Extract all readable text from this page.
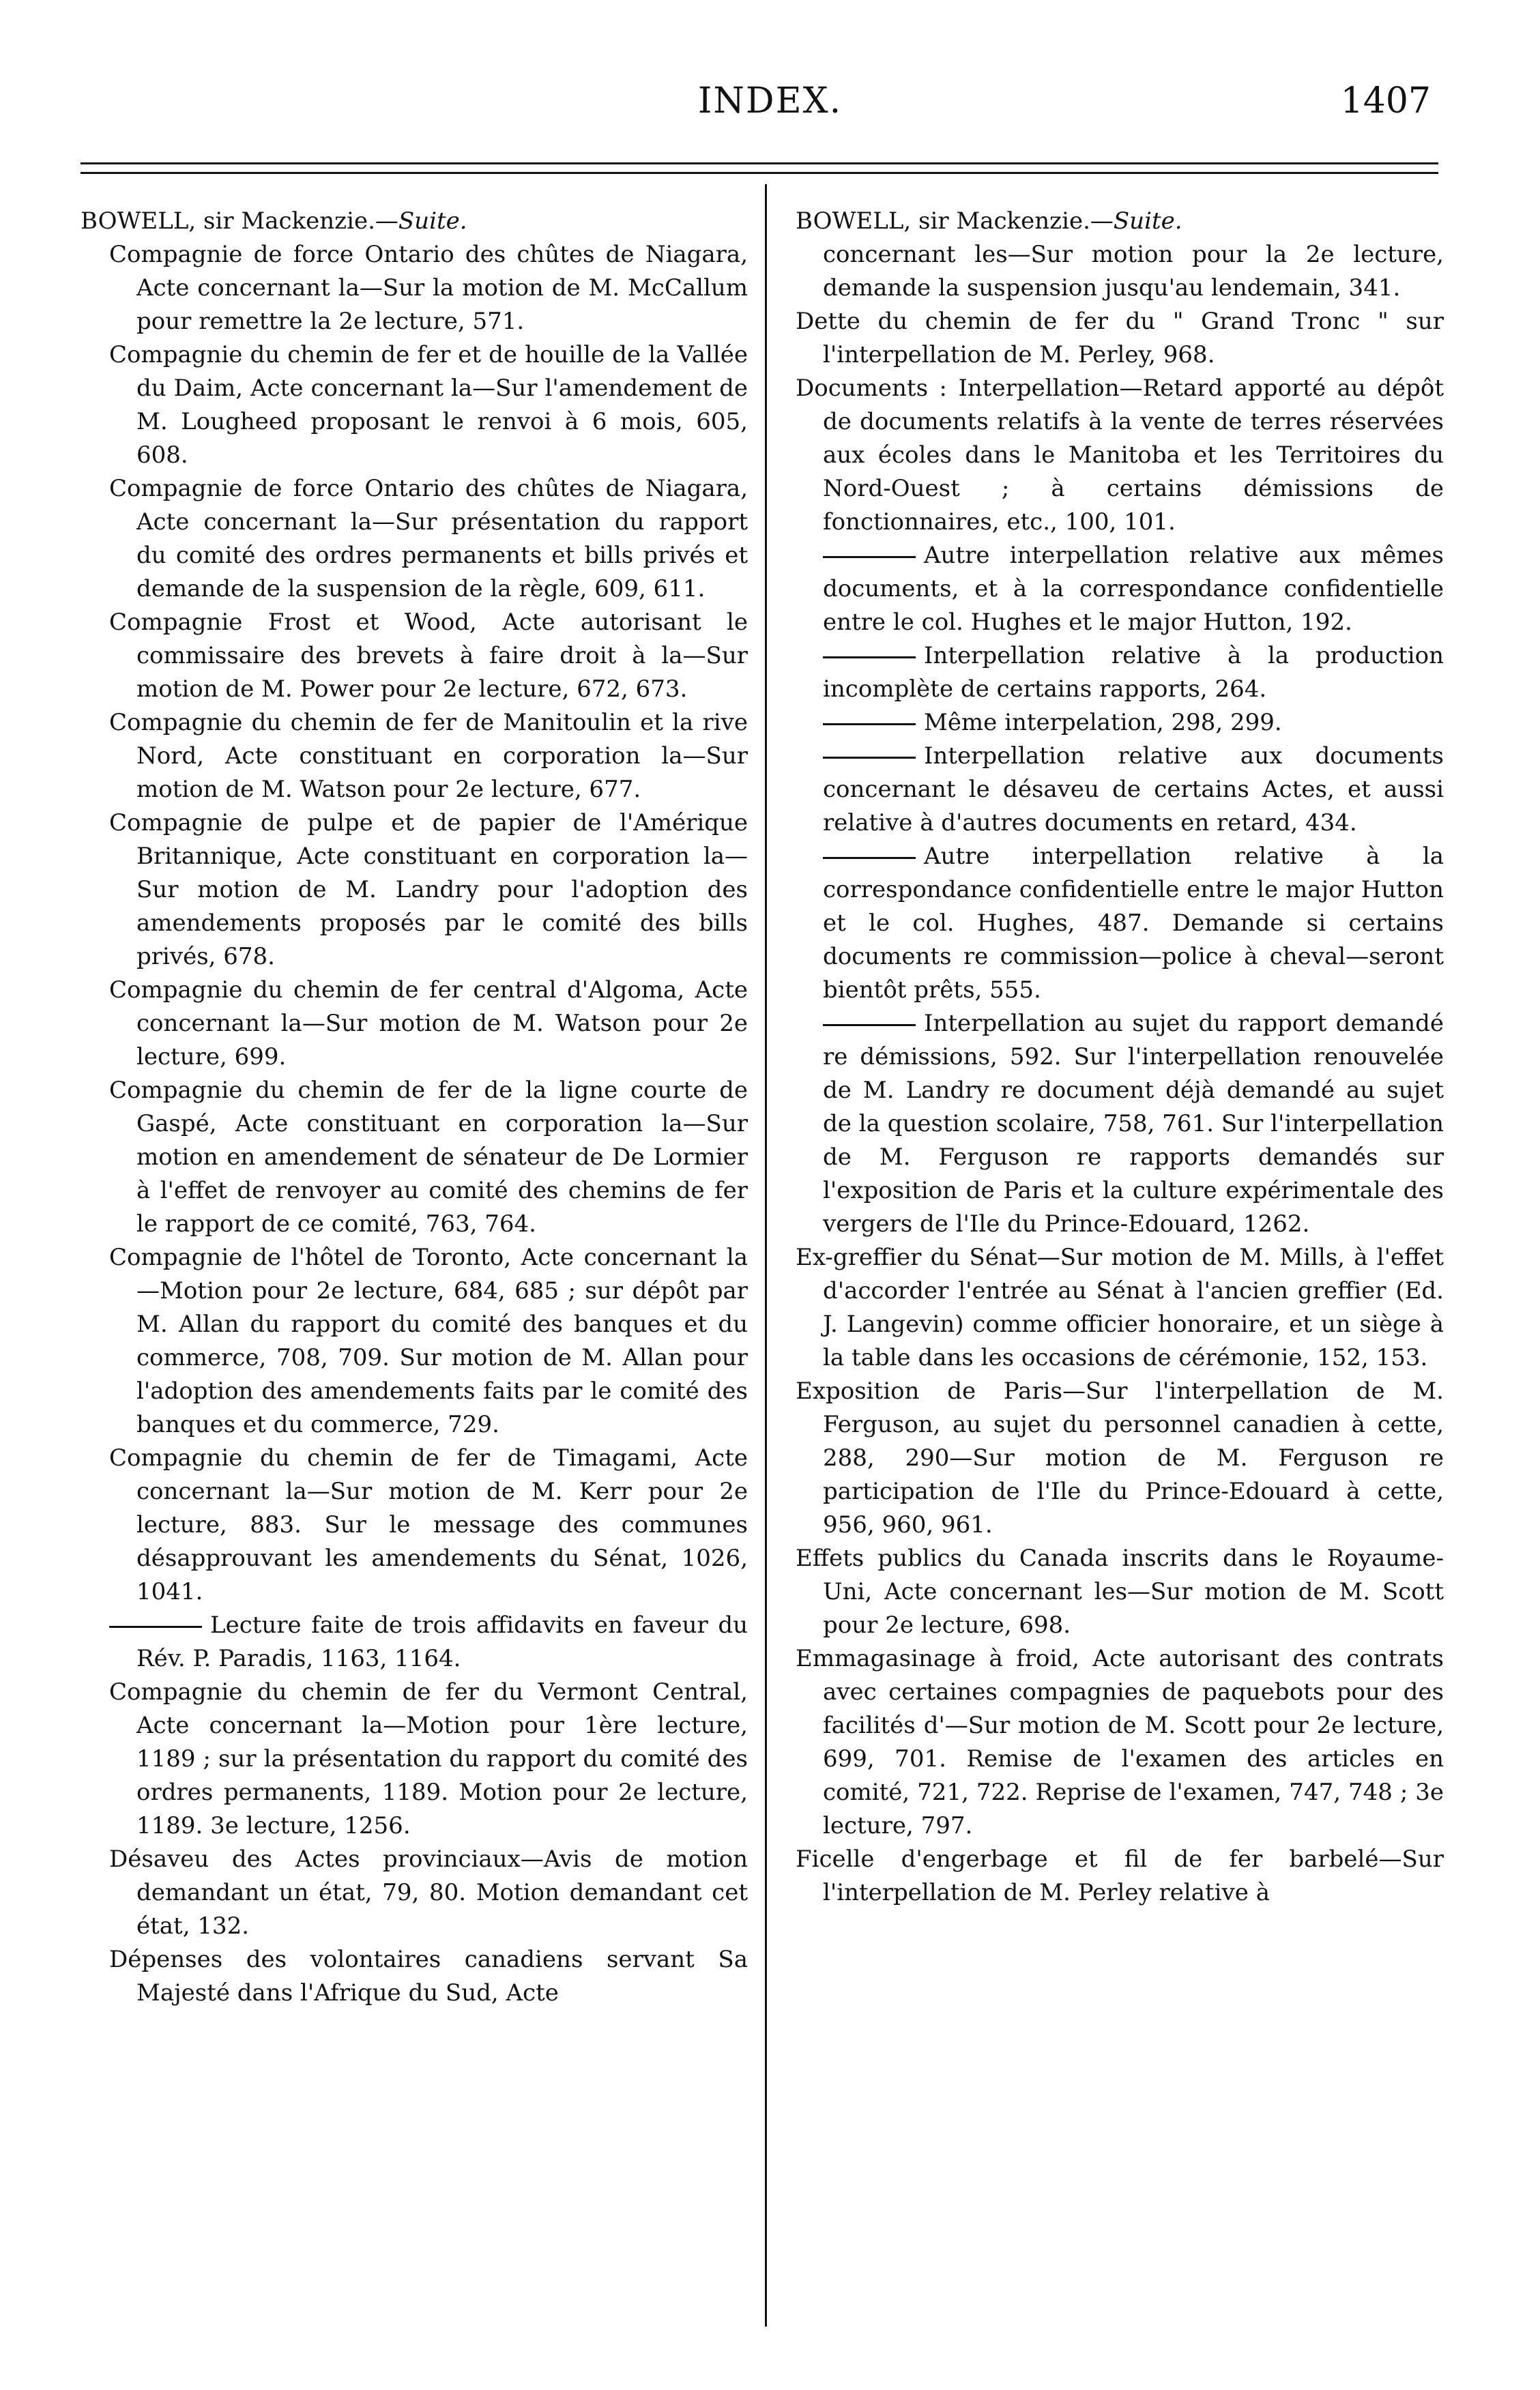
INDEX.	1407

BOWELL, sir Mackenzie.—Suite.

Compagnie de force Ontario des chûtes de Niagara, Acte concernant la—Sur la motion de M. McCallum pour remettre la 2e lecture, 571.

Compagnie du chemin de fer et de houille de la Vallée du Daim, Acte concernant la—Sur l'amendement de M. Lougheed proposant le renvoi à 6 mois, 605, 608.

Compagnie de force Ontario des chûtes de Niagara, Acte concernant la—Sur présentation du rapport du comité des ordres permanents et bills privés et demande de la suspension de la règle, 609, 611.

Compagnie Frost et Wood, Acte autorisant le commissaire des brevets à faire droit à la—Sur motion de M. Power pour 2e lecture, 672, 673.

Compagnie du chemin de fer de Manitoulin et la rive Nord, Acte constituant en corporation la—Sur motion de M. Watson pour 2e lecture, 677.

Compagnie de pulpe et de papier de l'Amérique Britannique, Acte constituant en corporation la—Sur motion de M. Landry pour l'adoption des amendements proposés par le comité des bills privés, 678.

Compagnie du chemin de fer central d'Algoma, Acte concernant la—Sur motion de M. Watson pour 2e lecture, 699.

Compagnie du chemin de fer de la ligne courte de Gaspé, Acte constituant en corporation la—Sur motion en amendement de sénateur de De Lormier à l'effet de renvoyer au comité des chemins de fer le rapport de ce comité, 763, 764.

Compagnie de l'hôtel de Toronto, Acte concernant la—Motion pour 2e lecture, 684, 685 ; sur dépôt par M. Allan du rapport du comité des banques et du commerce, 708, 709. Sur motion de M. Allan pour l'adoption des amendements faits par le comité des banques et du commerce, 729.

Compagnie du chemin de fer de Timagami, Acte concernant la—Sur motion de M. Kerr pour 2e lecture, 883. Sur le message des communes désapprouvant les amendements du Sénat, 1026, 1041.

Lecture faite de trois affidavits en faveur du Rév. P. Paradis, 1163, 1164.

Compagnie du chemin de fer du Vermont Central, Acte concernant la—Motion pour 1ère lecture, 1189 ; sur la présentation du rapport du comité des ordres permanents, 1189. Motion pour 2e lecture, 1189. 3e lecture, 1256.

Désaveu des Actes provinciaux—Avis de motion demandant un état, 79, 80. Motion demandant cet état, 132.

Dépenses des volontaires canadiens servant Sa Majesté dans l'Afrique du Sud, Acte

BOWELL, sir Mackenzie.—Suite.

concernant les—Sur motion pour la 2e lecture, demande la suspension jusqu'au lendemain, 341.

Dette du chemin de fer du " Grand Tronc " sur l'interpellation de M. Perley, 968.

Documents : Interpellation—Retard apporté au dépôt de documents relatifs à la vente de terres réservées aux écoles dans le Manitoba et les Territoires du Nord-Ouest ; à certains démissions de fonctionnaires, etc., 100, 101.

Autre interpellation relative aux mêmes documents, et à la correspondance confidentielle entre le col. Hughes et le major Hutton, 192.

Interpellation relative à la production incomplète de certains rapports, 264.

Même interpelation, 298, 299.

Interpellation relative aux documents concernant le désaveu de certains Actes, et aussi relative à d'autres documents en retard, 434.

Autre interpellation relative à la correspondance confidentielle entre le major Hutton et le col. Hughes, 487. Demande si certains documents re commission—police à cheval—seront bientôt prêts, 555.

Interpellation au sujet du rapport demandé re démissions, 592. Sur l'interpellation renouvelée de M. Landry re document déjà demandé au sujet de la question scolaire, 758, 761. Sur l'interpellation de M. Ferguson re rapports demandés sur l'exposition de Paris et la culture expérimentale des vergers de l'Ile du Prince-Edouard, 1262.

Ex-greffier du Sénat—Sur motion de M. Mills, à l'effet d'accorder l'entrée au Sénat à l'ancien greffier (Ed. J. Langevin) comme officier honoraire, et un siège à la table dans les occasions de cérémonie, 152, 153.

Exposition de Paris—Sur l'interpellation de M. Ferguson, au sujet du personnel canadien à cette, 288, 290—Sur motion de M. Ferguson re participation de l'Ile du Prince-Edouard à cette, 956, 960, 961.

Effets publics du Canada inscrits dans le Royaume-Uni, Acte concernant les—Sur motion de M. Scott pour 2e lecture, 698.

Emmagasinage à froid, Acte autorisant des contrats avec certaines compagnies de paquebots pour des facilités d'—Sur motion de M. Scott pour 2e lecture, 699, 701. Remise de l'examen des articles en comité, 721, 722. Reprise de l'examen, 747, 748 ; 3e lecture, 797.

Ficelle d'engerbage et fil de fer barbelé—Sur l'interpellation de M. Perley relative à
